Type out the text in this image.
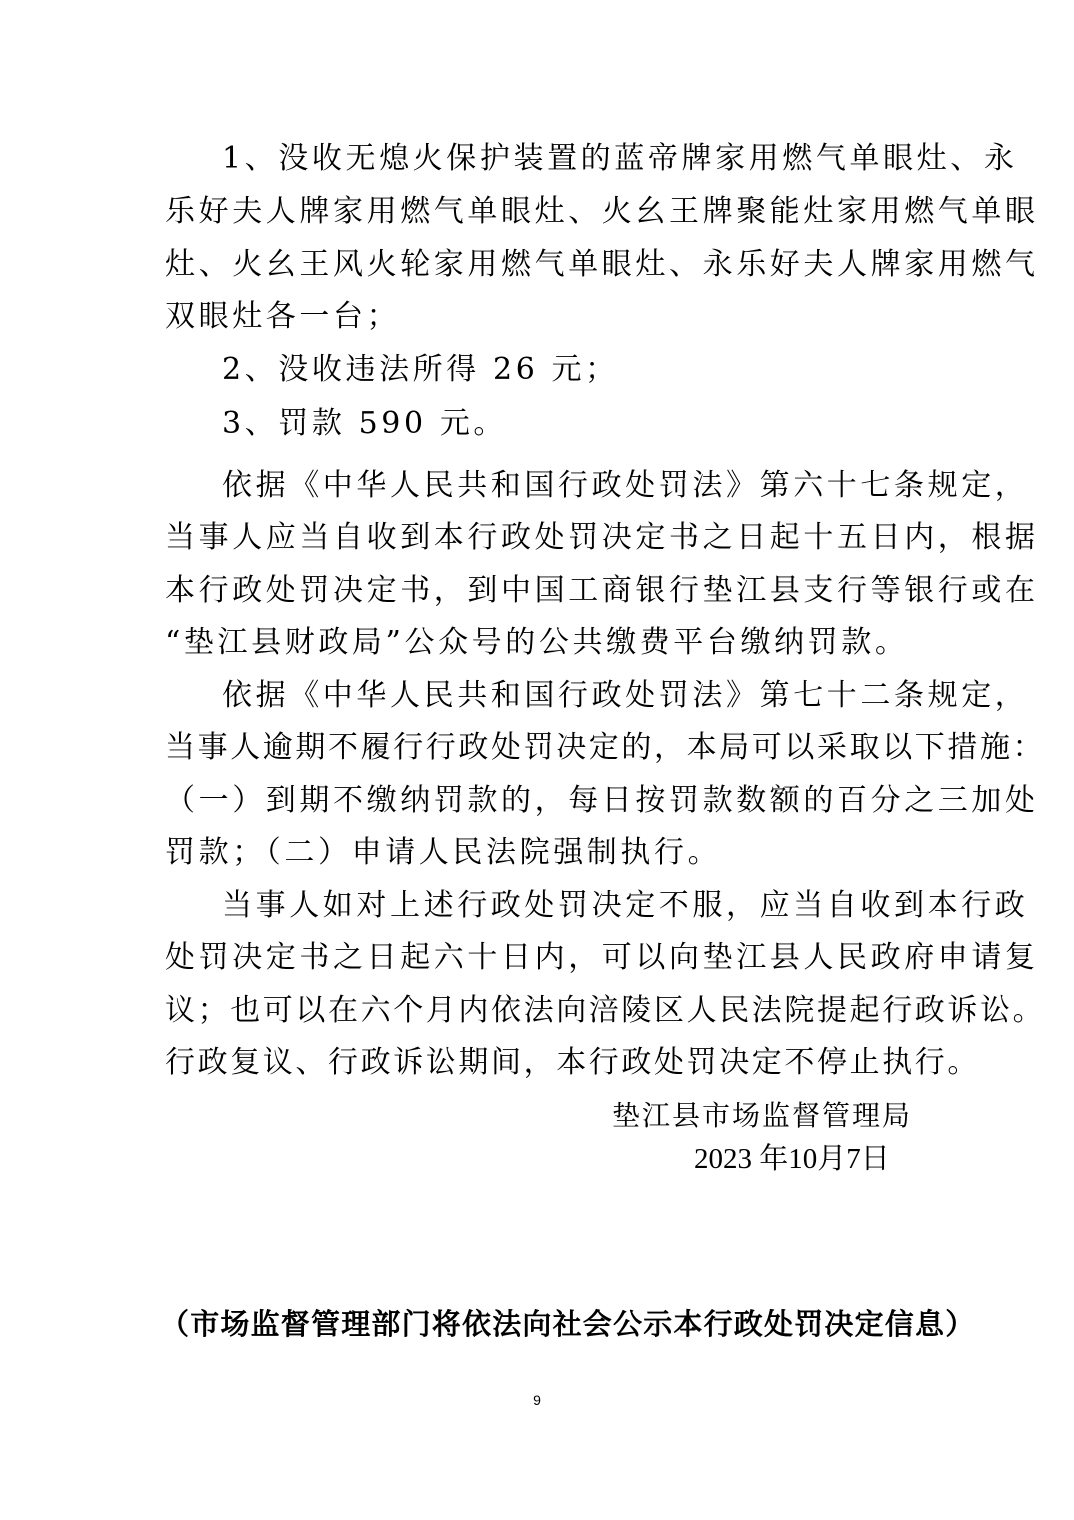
1、没收无熄火保护装置的蓝帝牌家用燃气单眼灶、永
乐好夫人牌家用燃气单眼灶、火幺王牌聚能灶家用燃气单眼
灶、火幺王风火轮家用燃气单眼灶、永乐好夫人牌家用燃气
双眼灶各一台；
2、没收违法所得 26 元；
3、罚款 590 元。
依据《中华人民共和国行政处罚法》第六十七条规定，
当事人应当自收到本行政处罚决定书之日起十五日内，根据
本行政处罚决定书，到中国工商银行垫江县支行等银行或在
“垫江县财政局”公众号的公共缴费平台缴纳罚款。
依据《中华人民共和国行政处罚法》第七十二条规定，
当事人逾期不履行行政处罚决定的，本局可以采取以下措施：
（一）到期不缴纳罚款的，每日按罚款数额的百分之三加处
罚款；（二）申请人民法院强制执行。
当事人如对上述行政处罚决定不服，应当自收到本行政
处罚决定书之日起六十日内，可以向垫江县人民政府申请复
议；也可以在六个月内依法向涪陵区人民法院提起行政诉讼。
行政复议、行政诉讼期间，本行政处罚决定不停止执行。
垫江县市场监督管理局
2023 年10月7日
（市场监督管理部门将依法向社会公示本行政处罚决定信息）
9
